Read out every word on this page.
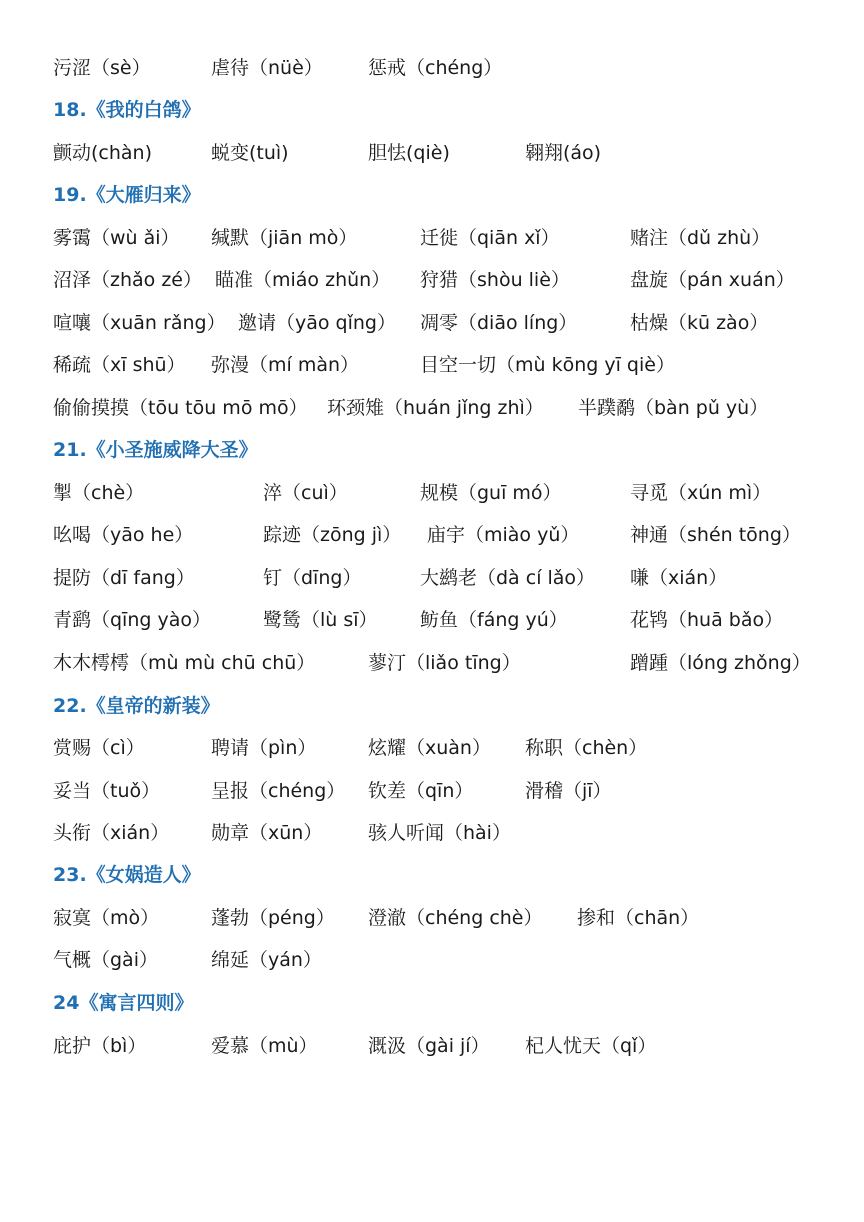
污涩（sè）	虐待（nüè） 惩戒（chéng）
18.《我的白鸽》
颤动(chàn)	蜕变(tuì)	胆怯(qiè)	翱翔(áo)
19.《大雁归来》
雾霭（wù ǎi） 缄默（jiān mò）	迁徙（qiān xǐ）	赌注（dǔ zhù）
沼泽（zhǎo zé） 瞄准（miáo zhǔn） 狩猎（shòu liè）	盘旋（pán xuán）
喧嚷（xuān rǎng） 邀请（yāo qǐng） 凋零（diāo líng）	枯燥（kū zào）
稀疏（xī shū） 弥漫（mí màn）	目空一切（mù kōng yī qiè）
偷偷摸摸（tōu tōu mō mō） 环颈雉（huán jǐng zhì） 半蹼鹬（bàn pǔ yù）
21.《小圣施威降大圣》
掣（chè）	淬（cuì）	规模（guī mó）	寻觅（xún mì）
吆喝（yāo he）	踪迹（zōng jì） 庙宇（miào yǔ）	神通（shén tōng）
提防（dī fang）	钉（dīng）	大鹚老（dà cí lǎo） 嗛（xián）
青鹞（qīng yào）	鹭鸶（lù sī） 鲂鱼（fáng yú）	花鸨（huā bǎo）
木木樗樗（mù mù chū chū）	蓼汀（liǎo tīng）	蹭踵（lóng zhǒng）
22.《皇帝的新装》
赏赐（cì）	聘请（pìn）	炫耀（xuàn） 称职（chèn）
妥当（tuǒ）	呈报（chéng） 钦差（qīn）	滑稽（jī）
头衔（xián） 勋章（xūn） 骇人听闻（hài）
23.《女娲造人》
寂寞（mò）	蓬勃（péng） 澄澈（chéng chè） 掺和（chān）
气概（gài）	绵延（yán）
24《寓言四则》
庇护（bì）	爱慕（mù）	溉汲（gài jí） 杞人忧天（qǐ）
